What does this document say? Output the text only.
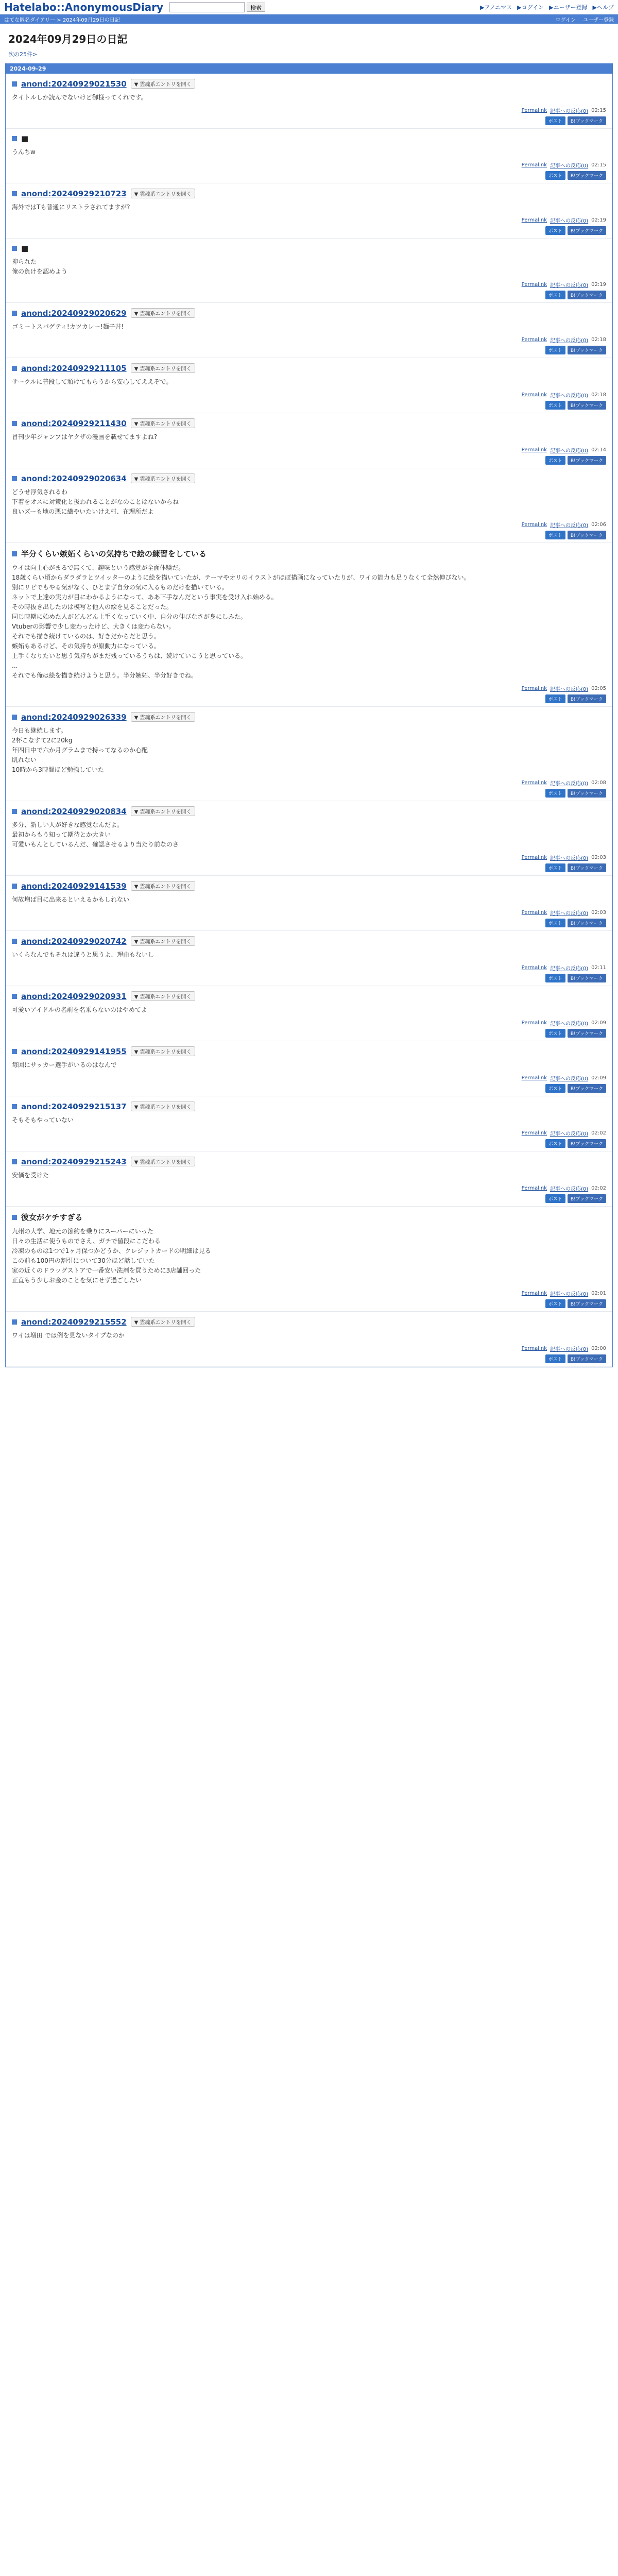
Hatelabo::AnonymousDiary	検索	▶アノニマス ▶ログイン ▶ユーザー登録 ▶ヘルプ
はてな匿名ダイアリー > 2024年09月29日の日記	ログイン ユーザー登録
2024年09月29日の日記
次の25件>
2024-09-29
anond:20240929021530	▼ 霊魂系エントリを開く

タイトルしか読んでないけど御様ってくれです。

Permalink 記事への反応(0) 02:15
ポスト	B!ブックマーク
■

うんちw

Permalink 記事への反応(0) 02:15
ポスト	B!ブックマーク
anond:20240929210723	▼ 霊魂系エントリを開く

海外ではTも普通にリストラされてますが?

Permalink 記事への反応(0) 02:19
ポスト	B!ブックマーク
■

抑られた

俺の負けを認めよう

Permalink 記事への反応(0) 02:19
ポスト	B!ブックマーク
anond:20240929020629	▼ 霊魂系エントリを開く

ゴミートスパゲティ!カツカレー!麺子丼!

Permalink 記事への反応(0) 02:18
ポスト	B!ブックマーク
anond:20240929211105	▼ 霊魂系エントリを開く

サークルに普段して頑けてもらうから安心してええぞで。

Permalink 記事への反応(0) 02:18
ポスト	B!ブックマーク
anond:20240929211430	▼ 霊魂系エントリを開く

冒刊少年ジャンプはヤクザの漫画を載せてますよね?

Permalink 記事への反応(0) 02:14
ポスト	B!ブックマーク
anond:20240929020634	▼ 霊魂系エントリを開く

どうせ浮気されるわ

下着をオスに対策化と扱われることがなのことはないからね

良いズーも地の悪に繊やいたいけえ村、在理所だよ

Permalink 記事への反応(0) 02:06
ポスト	B!ブックマーク
半分くらい嫉妬くらいの気持ちで絵の練習をしている

ウイは向上心がまるで無くて、趣味という感覚が全面体験だ。

18歳くらい頃からダラダラとツイッターのように絵を描いていたが、テーマやオリのイラストがほぼ描画になっていたりが、ワイの能力も足りなくて全然伸びない。

別にリピでもやる気がなく、ひとまず自分の気に入るものだけを描いている。

ネットで上達の実力が目にわかるようになって、ああ下手なんだという事実を受け入れ始める。

その時抜き出したのは模写と他人の絵を見ることだった。

同じ時期に始めた人がどんどん上手くなっていく中、自分の伸びなさが身にしみた。

Vtuberの影響で少し変わったけど、大きくは変わらない。

それでも描き続けているのは、好きだからだと思う。

嫉妬もあるけど、その気持ちが原動力になっている。

上手くなりたいと思う気持ちがまだ残っているうちは、続けていこうと思っている。

...

それでも俺は絵を描き続けようと思う。半分嫉妬、半分好きでね。

Permalink 記事への反応(0) 02:05
ポスト	B!ブックマーク
anond:20240929026339	▼ 霊魂系エントリを開く

今日も継続します。

2杯こなすて2に20kg

年四日中で六か月グラムまで持ってなるのか心配

肌れない

10時から3時間ほど勉強していた

Permalink 記事への反応(0) 02:08
ポスト	B!ブックマーク
anond:20240929020834	▼ 霊魂系エントリを開く

多分、新しい人が好きな感覚なんだよ。

最初からもう知って期待とか大きい

可愛いもんとしているんだ、確認させるより当たり前なのさ

Permalink 記事への反応(0) 02:03
ポスト	B!ブックマーク
anond:20240929141539	▼ 霊魂系エントリを開く

何故増ば目に出来るといえるかもしれない

Permalink 記事への反応(0) 02:03
ポスト	B!ブックマーク
anond:20240929020742	▼ 霊魂系エントリを開く

いくらなんでもそれは違うと思うよ、理由もないし

Permalink 記事への反応(0) 02:11
ポスト	B!ブックマーク
anond:20240929020931	▼ 霊魂系エントリを開く

可愛いアイドルの名前を名乗らないのはやめてよ

Permalink 記事への反応(0) 02:09
ポスト	B!ブックマーク
anond:20240929141955	▼ 霊魂系エントリを開く

毎回にサッカー選手がいるのはなんで

Permalink 記事への反応(0) 02:09
ポスト	B!ブックマーク
anond:20240929215137	▼ 霊魂系エントリを開く

そもそもやっていない

Permalink 記事への反応(0) 02:02
ポスト	B!ブックマーク
anond:20240929215243	▼ 霊魂系エントリを開く

安価を受けた

Permalink 記事への反応(0) 02:02
ポスト	B!ブックマーク
彼女がケチすぎる

九州の大学、地元の節約を乗りにスーパーにいった

日々の生活に使うものでさえ、ガチで値段にこだわる

冷凍のものは1つで1ヶ月保つかどうか、クレジットカードの明細は見る

この前も100円の割引について30分ほど話していた

家の近くのドラッグストアで一番安い洗剤を買うために3店舗回った

正直もう少しお金のことを気にせず過ごしたい

Permalink 記事への反応(0) 02:01
ポスト	B!ブックマーク
anond:20240929215552	▼ 霊魂系エントリを開く

ワイは増田 では例を見ないタイプなのか

Permalink 記事への反応(0) 02:00
ポスト	B!ブックマーク
